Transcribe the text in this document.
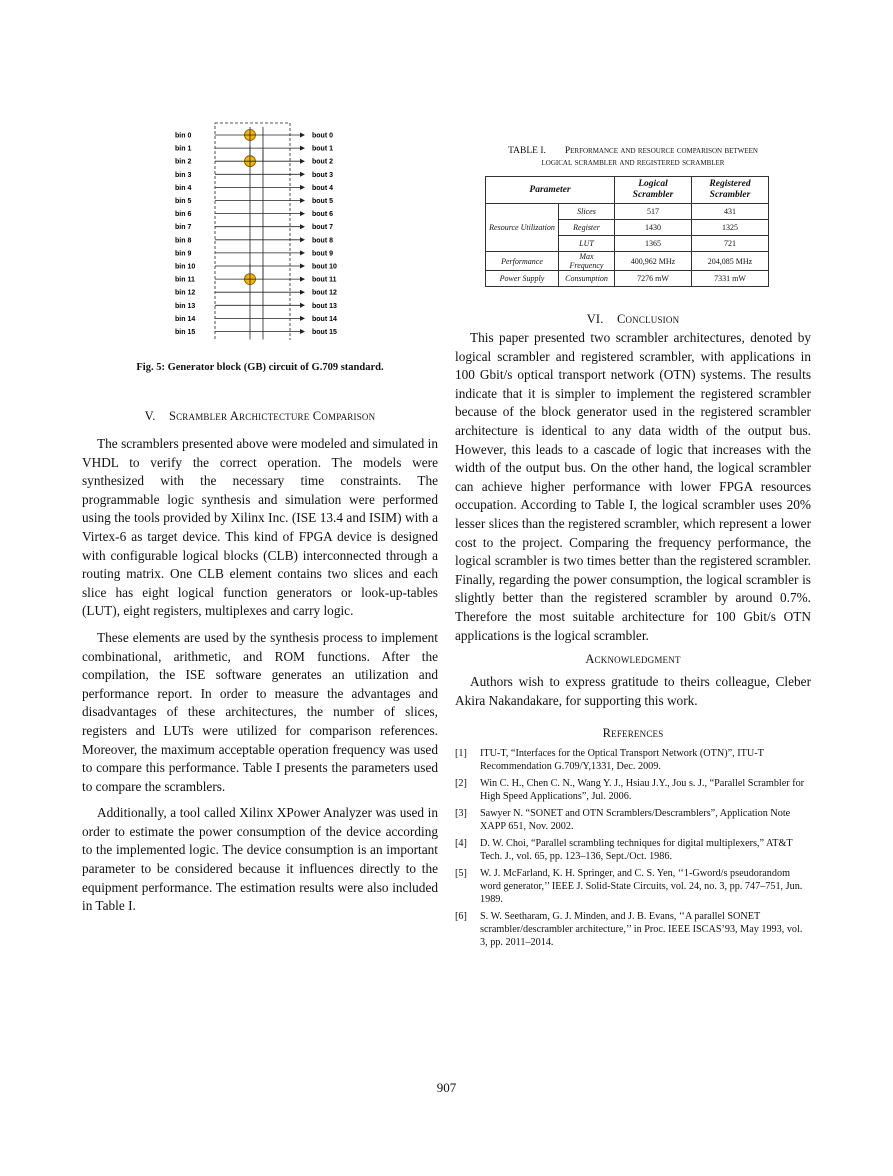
bin 0	bout 0
bin 1	bout 1
bin 2	bout 2
bin 3	bout 3
bin 4	bout 4
bin 5	bout 5
bin 6	bout 6
bin 7	bout 7
bin 8	bout 8
bin 9	bout 9
bin 10	bout 10
bin 11	bout 11
bin 12	bout 12
bin 13	bout 13
bin 14	bout 14
bin 15	bout 15
Fig. 5: Generator block (GB) circuit of G.709 standard.
V. Scrambler Archictecture Comparison

The scramblers presented above were modeled and simulated in VHDL to verify the correct operation. The models were synthesized with the necessary time constraints. The programmable logic synthesis and simulation were performed using the tools provided by Xilinx Inc. (ISE 13.4 and ISIM) with a Virtex-6 as target device. This kind of FPGA device is designed with configurable logical blocks (CLB) interconnected through a routing matrix. One CLB element contains two slices and each slice has eight logical function generators or look-up-tables (LUT), eight registers, multiplexes and carry logic.

These elements are used by the synthesis process to implement combinational, arithmetic, and ROM functions. After the compilation, the ISE software generates an utilization and performance report. In order to measure the advantages and disadvantages of these architectures, the number of slices, registers and LUTs were utilized for comparison references. Moreover, the maximum acceptable operation frequency was used to compare this performance. Table I presents the parameters used to compare the scramblers.

Additionally, a tool called Xilinx XPower Analyzer was used in order to estimate the power consumption of the device according to the implemented logic. The device consumption is an important parameter to be considered because it influences directly to the equipment performance. The estimation results were also included in Table I.

TABLE I. Performance and resource comparison between
logical scrambler and registered scrambler
Parameter		Logical Scrambler	Registered Scrambler
Resource Utilization	Slices	517	431
	Register	1430	1325
	LUT	1365	721
Performance	Max Frequency	400,962 MHz	204,085 MHz
Power Supply	Consumption	7276 mW	7331 mW
VI. Conclusion

This paper presented two scrambler architectures, denoted by logical scrambler and registered scrambler, with applications in 100 Gbit/s optical transport network (OTN) systems. The results indicate that it is simpler to implement the registered scrambler because of the block generator used in the registered scrambler architecture is identical to any data width of the output bus. However, this leads to a cascade of logic that increases with the width of the output bus. On the other hand, the logical scrambler can achieve higher performance with lower FPGA resources occupation. According to Table I, the logical scrambler uses 20% lesser slices than the registered scrambler, which represent a lower cost to the project. Comparing the frequency performance, the logical scrambler is two times better than the registered scrambler. Finally, regarding the power consumption, the logical scrambler is slightly better than the registered scrambler by around 0.7%. Therefore the most suitable architecture for 100 Gbit/s OTN applications is the logical scrambler.

Acknowledgment

Authors wish to express gratitude to theirs colleague, Cleber Akira Nakandakare, for supporting this work.

References
[1]	ITU-T, “Interfaces for the Optical Transport Network (OTN)”, ITU-T Recommendation G.709/Y,1331, Dec. 2009.
[2]	Win C. H., Chen C. N., Wang Y. J., Hsiau J.Y., Jou s. J., “Parallel Scrambler for High Speed Applications”, Jul. 2006.
[3]	Sawyer N. “SONET and OTN Scramblers/Descramblers”, Application Note XAPP 651, Nov. 2002.
[4]	D. W. Choi, “Parallel scrambling techniques for digital multiplexers,” AT&T Tech. J., vol. 65, pp. 123–136, Sept./Oct. 1986.
[5]	W. J. McFarland, K. H. Springer, and C. S. Yen, ‘‘1-Gword/s pseudorandom word generator,’’ IEEE J. Solid-State Circuits, vol. 24, no. 3, pp. 747–751, Jun. 1989.
[6]	S. W. Seetharam, G. J. Minden, and J. B. Evans, ‘‘A parallel SONET scrambler/descrambler architecture,’’ in Proc. IEEE ISCAS’93, May 1993, vol. 3, pp. 2011–2014.
907
